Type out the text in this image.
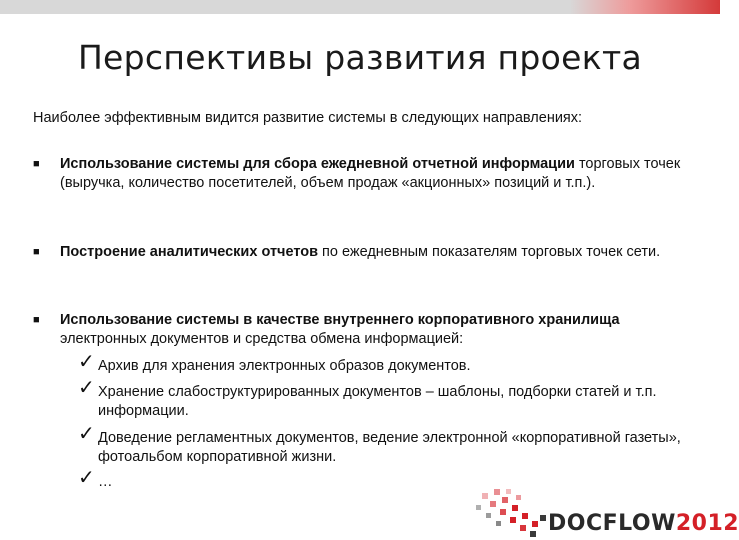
Перспективы развития проекта
Наиболее эффективным видится развитие системы в следующих направлениях:
■ Использование системы для сбора ежедневной отчетной информации торговых точек (выручка, количество посетителей, объем продаж «акционных» позиций и т.п.).
■ Построение аналитических отчетов по ежедневным показателям торговых точек сети.
■ Использование системы в качестве внутреннего корпоративного хранилища электронных документов и средства обмена информацией:
✓ Архив для хранения электронных образов документов.
✓ Хранение слабоструктурированных документов – шаблоны, подборки статей и т.п. информации.
✓ Доведение регламентных документов, ведение электронной «корпоративной газеты», фотоальбом корпоративной жизни.
✓ …
DOCFLOW2012
